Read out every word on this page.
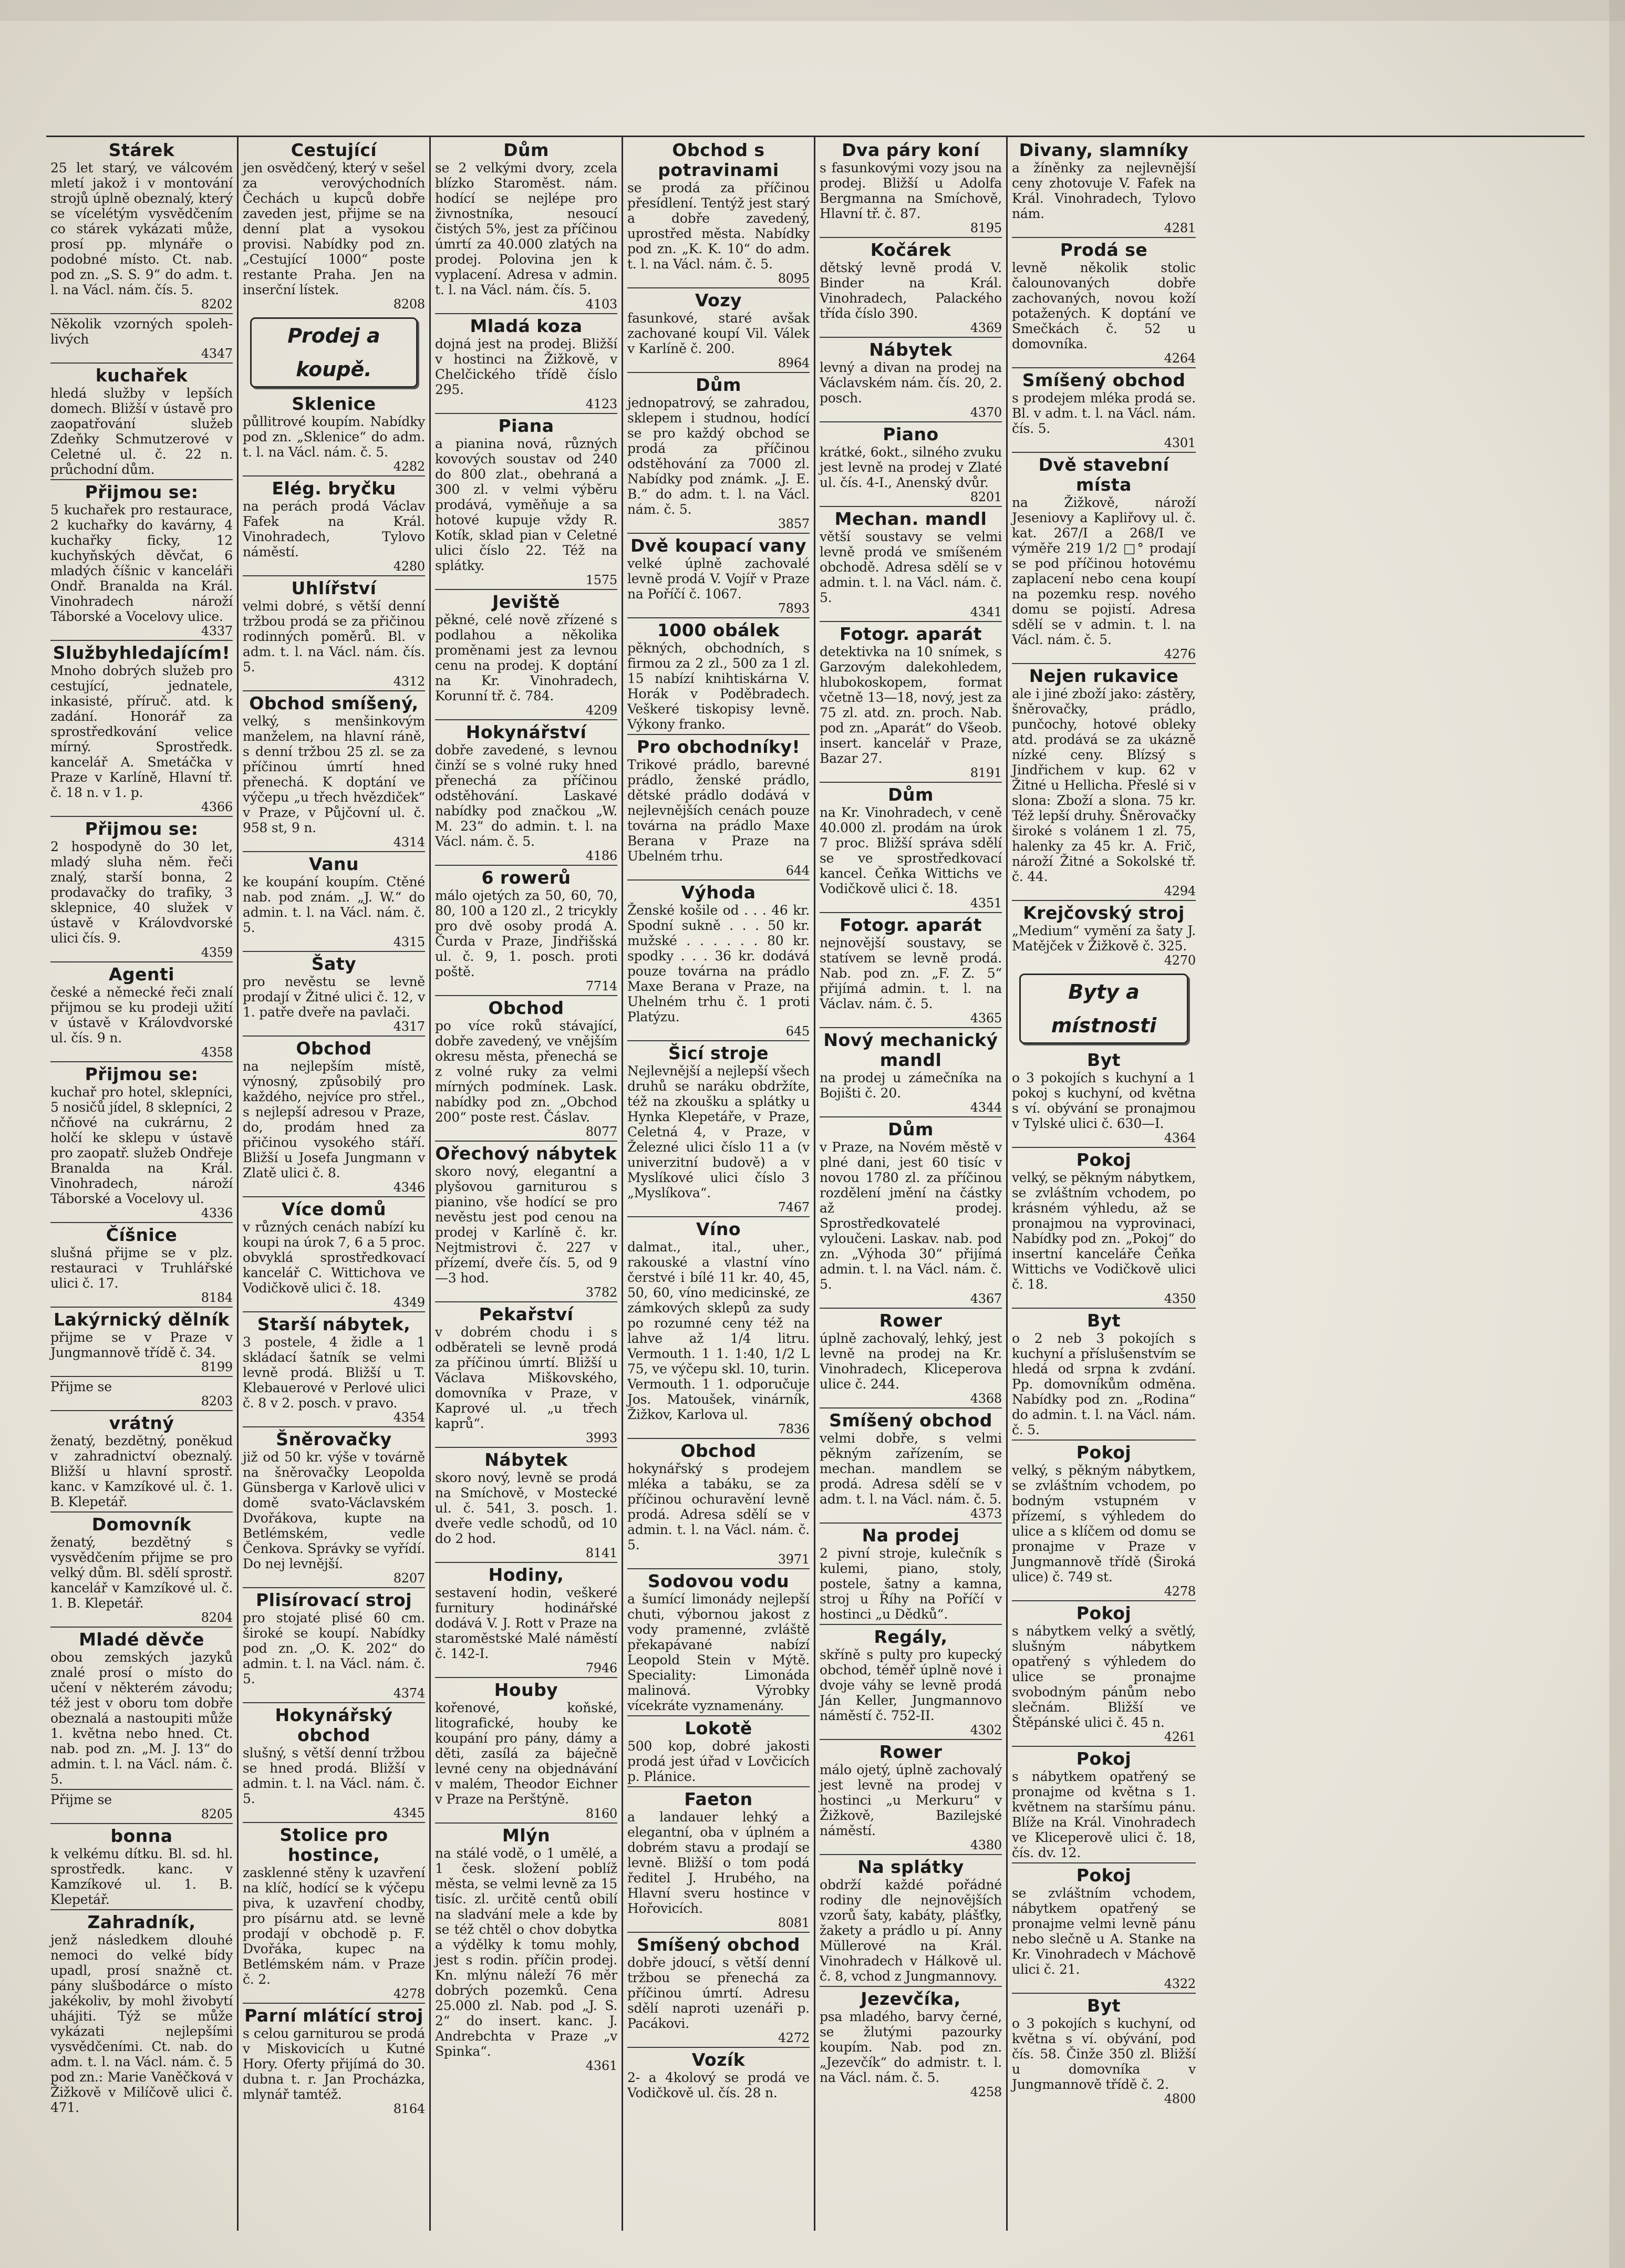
Stárek
25 let starý, ve válcovém mletí jakož i v montování strojů úplně obeznalý, který se vícelétým vysvědčením co stárek vykázati může, prosí pp. mlynáře o podobné místo. Ct. nab. pod zn. „S. S. 9“ do adm. t. l. na Václ. nám. čís. 5.
8202
Několik vzorných spoleh-livých
4347
kuchařek
hledá služby v lepších domech. Bližší v ústavě pro zaopatřování služeb Zdeňky Schmutzerové v Celetné ul. č. 22 n. průchodní dům.
Přijmou se:
5 kuchařek pro restaurace, 2 kuchařky do kavárny, 4 kuchařky ficky, 12 kuchyňských děvčat, 6 mladých číšnic v kanceláři Ondř. Branalda na Král. Vinohradech nároží Táborské a Vocelovy ulice.
4337
Službyhledajícím!
Mnoho dobrých služeb pro cestující, jednatele, inkasisté, příruč. atd. k zadání. Honorář za sprostředkování velice mírný. Sprostředk. kancelář A. Smetáčka v Praze v Karlíně, Hlavní tř. č. 18 n. v 1. p.
4366
Přijmou se:
2 hospodyně do 30 let, mladý sluha něm. řeči znalý, starší bonna, 2 prodavačky do trafiky, 3 sklepnice, 40 služek v ústavě v Královdvorské ulici čís. 9.
4359
Agenti
české a německé řeči znalí přijmou se ku prodeji užití v ústavě v Královdvorské ul. čís. 9 n.
4358
Přijmou se:
kuchař pro hotel, sklepníci, 5 nosičů jídel, 8 sklepníci, 2 nčňové na cukrárnu, 2 holčí ke sklepu v ústavě pro zaopatř. služeb Ondřeje Branalda na Král. Vinohradech, nároží Táborské a Vocelovy ul.
4336
Číšnice
slušná přijme se v plz. restauraci v Truhlářské ulici č. 17.
8184
Lakýrnický dělník
přijme se v Praze v Jungmannově třídě č. 34.
8199
Přijme se
8203
vrátný
ženatý, bezdětný, poněkud v zahradnictví obeznalý. Bližší u hlavní sprostř. kanc. v Kamzíkové ul. č. 1. B. Klepetář.
Domovník
ženatý, bezdětný s vysvědčením přijme se pro velký dům. Bl. sdělí sprostř. kancelář v Kamzíkové ul. č. 1. B. Klepetář.
8204
Mladé děvče
obou zemských jazyků znalé prosí o místo do učení v některém závodu; též jest v oboru tom dobře obeznalá a nastoupiti může 1. května nebo hned. Ct. nab. pod zn. „M. J. 13“ do admin. t. l. na Václ. nám. č. 5.
Přijme se
8205
bonna
k velkému dítku. Bl. sd. hl. sprostředk. kanc. v Kamzíkové ul. 1. B. Klepetář.
Zahradník,
jenž následkem dlouhé nemoci do velké bídy upadl, prosí snažně ct. pány slušbodárce o místo jakékoliv, by mohl živobytí uhájiti. Týž se může vykázati nejlepšími vysvědčeními. Ct. nab. do adm. t. l. na Václ. nám. č. 5 pod zn.: Marie Vaněčková v Žižkově v Milíčově ulici č. 471.
Cestující
jen osvědčený, který v sešel za verovýchodních Čechách u kupců dobře zaveden jest, přijme se na denní plat a vysokou provisi. Nabídky pod zn. „Cestující 1000“ poste restante Praha. Jen na inserční lístek.
8208
Prodej a koupě.
Sklenice
půllitrové koupím. Nabídky pod zn. „Sklenice“ do adm. t. l. na Václ. nám. č. 5.
4282
Elég. bryčku
na perách prodá Václav Fafek na Král. Vinohradech, Tylovo náměstí.
4280
Uhlířství
velmi dobré, s větší denní tržbou prodá se za přičinou rodinných poměrů. Bl. v adm. t. l. na Václ. nám. čís. 5.
4312
Obchod smíšený,
velký, s menšinkovým manželem, na hlavní ráně, s denní tržbou 25 zl. se za příčinou úmrtí hned přenechá. K doptání ve výčepu „u třech hvězdiček“ v Praze, v Půjčovní ul. č. 958 st, 9 n.
4314
Vanu
ke koupání koupím. Ctěné nab. pod znám. „J. W.“ do admin. t. l. na Václ. nám. č. 5.
4315
Šaty
pro nevěstu se levně prodají v Žitné ulici č. 12, v 1. patře dveře na pavlači.
4317
Obchod
na nejlepším místě, výnosný, způsobilý pro každého, nejvíce pro střel., s nejlepší adresou v Praze, do, prodám hned za přičinou vysokého stáří. Bližší u Josefa Jungmann v Zlatě ulici č. 8.
4346
Více domů
v různých cenách nabízí ku koupi na úrok 7, 6 a 5 proc. obvyklá sprostředkovací kancelář C. Wittichova ve Vodičkově ulici č. 18.
4349
Starší nábytek,
3 postele, 4 židle a 1 skládací šatník se velmi levně prodá. Bližší u T. Klebauerové v Perlové ulici č. 8 v 2. posch. v pravo.
4354
Šněrovačky
již od 50 kr. výše v továrně na šněrovačky Leopolda Günsberga v Karlově ulici v domě svato-Václavském Dvořákova, kupte na Betlémském, vedle Čenkova. Správky se vyřídí. Do nej levnější.
8207
Plisírovací stroj
pro stojaté plisé 60 cm. široké se koupí. Nabídky pod zn. „O. K. 202“ do admin. t. l. na Václ. nám. č. 5.
4374
Hokynářský obchod
slušný, s větší denní tržbou se hned prodá. Bližší v admin. t. l. na Václ. nám. č. 5.
4345
Stolice pro hostince,
zasklenné stěny k uzavření na klíč, hodící se k výčepu piva, k uzavření chodby, pro písárnu atd. se levně prodají v obchodě p. F. Dvořáka, kupec na Betlémském nám. v Praze č. 2.
4278
Parní mlátící stroj
s celou garniturou se prodá v Miskovicích u Kutné Hory. Oferty přijímá do 30. dubna t. r. Jan Procházka, mlynář tamtéž.
8164
Dům
se 2 velkými dvory, zcela blízko Staroměst. nám. hodící se nejlépe pro živnostníka, nesoucí čistých 5%, jest za příčinou úmrtí za 40.000 zlatých na prodej. Polovina jen k vyplacení. Adresa v admin. t. l. na Václ. nám. čís. 5.
4103
Mladá koza
dojná jest na prodej. Bližší v hostinci na Žižkově, v Chelčického třídě číslo 295.
4123
Piana
a pianina nová, různých kovových soustav od 240 do 800 zlat., obehraná a 300 zl. v velmi výběru prodává, vyměňuje a sa hotové kupuje vždy R. Kotík, sklad pian v Celetné ulici číslo 22. Též na splátky.
1575
Jeviště
pěkné, celé nově zřízené s podlahou a několika proměnami jest za levnou cenu na prodej. K doptání na Kr. Vinohradech, Korunní tř. č. 784.
4209
Hokynářství
dobře zavedené, s levnou činží se s volné ruky hned přenechá za příčinou odstěhování. Laskavé nabídky pod značkou „W. M. 23“ do admin. t. l. na Václ. nám. č. 5.
4186
6 rowerů
málo ojetých za 50, 60, 70, 80, 100 a 120 zl., 2 tricykly pro dvě osoby prodá A. Čurda v Praze, Jindřišská ul. č. 9, 1. posch. proti poště.
7714
Obchod
po více roků stávající, dobře zavedený, ve vnějším okresu města, přenechá se z volné ruky za velmi mírných podmínek. Lask. nabídky pod zn. „Obchod 200“ poste rest. Čáslav.
8077
Ořechový nábytek
skoro nový, elegantní a plyšovou garniturou s pianino, vše hodící se pro nevěstu jest pod cenou na prodej v Karlíně č. kr. Nejtmistrovi č. 227 v přízemí, dveře čís. 5, od 9—3 hod.
3782
Pekařství
v dobrém chodu i s odběrateli se levně prodá za příčinou úmrtí. Bližší u Václava Miškovského, domovníka v Praze, v Kaprové ul. „u třech kaprů“.
3993
Nábytek
skoro nový, levně se prodá na Smíchově, v Mostecké ul. č. 541, 3. posch. 1. dveře vedle schodů, od 10 do 2 hod.
8141
Hodiny,
sestavení hodin, veškeré furnitury hodinářské dodává V. J. Rott v Praze na staroměstské Malé náměstí č. 142-I.
7946
Houby
kořenové, koňské, litografické, houby ke koupání pro pány, dámy a děti, zasílá za báječně levné ceny na objednávání v malém, Theodor Eichner v Praze na Perštýně.
8160
Mlýn
na stálé vodě, o 1 umělé, a 1 česk. složení poblíž města, se velmi levně za 15 tisíc. zl. určitě centů obilí na sladvání mele a kde by se též chtěl o chov dobytka a výdělky k tomu mohly, jest s rodin. příčin prodej. Kn. mlýnu náleží 76 měr dobrých pozemků. Cena 25.000 zl. Nab. pod „J. S. 2“ do insert. kanc. J. Andrebchta v Praze „v Spinka“.
4361
Obchod s potravinami
se prodá za příčinou přesídlení. Tentýž jest starý a dobře zavedený, uprostřed města. Nabídky pod zn. „K. K. 10“ do adm. t. l. na Václ. nám. č. 5.
8095
Vozy
fasunkové, staré avšak zachované koupí Vil. Válek v Karlíně č. 200.
8964
Dům
jednopatrový, se zahradou, sklepem i studnou, hodící se pro každý obchod se prodá za příčinou odstěhování za 7000 zl. Nabídky pod známk. „J. E. B.“ do adm. t. l. na Václ. nám. č. 5.
3857
Dvě koupací vany
velké úplně zachovalé levně prodá V. Vojíř v Praze na Poříčí č. 1067.
7893
1000 obálek
pěkných, obchodních, s firmou za 2 zl., 500 za 1 zl. 15 nabízí knihtiskárna V. Horák v Poděbradech. Veškeré tiskopisy levně. Výkony franko.
Pro obchodníky!
Trikové prádlo, barevné prádlo, ženské prádlo, dětské prádlo dodává v nejlevnějších cenách pouze továrna na prádlo Maxe Berana v Praze na Ubelném trhu.
644
Výhoda
Ženské košile od . . . 46 kr. Spodní sukně . . . 50 kr. mužské . . . . . . 80 kr. spodky . . . 36 kr. dodává pouze továrna na prádlo Maxe Berana v Praze, na Uhelném trhu č. 1 proti Platýzu.
645
Šicí stroje
Nejlevnější a nejlepší všech druhů se naráku obdržíte, též na zkoušku a splátky u Hynka Klepetáře, v Praze, Celetná 4, v Praze, v Železné ulici číslo 11 a (v univerzitní budově) a v Myslíkové ulici číslo 3 „Myslíkova“.
7467
Víno
dalmat., ital., uher., rakouské a vlastní víno čerstvé i bílé 11 kr. 40, 45, 50, 60, víno medicinské, ze zámkových sklepů za sudy po rozumné ceny též na lahve až 1/4 litru. Vermouth. 1 1. 1:40, 1/2 L 75, ve výčepu skl. 10, turin. Vermouth. 1 1. odporučuje Jos. Matoušek, vinárník, Žižkov, Karlova ul.
7836
Obchod
hokynářský s prodejem mléka a tabáku, se za příčinou ochuravění levně prodá. Adresa sdělí se v admin. t. l. na Václ. nám. č. 5.
3971
Sodovou vodu
a šumící limonády nejlepší chuti, výbornou jakost z vody pramenné, zvláště překapávané nabízí Leopold Stein v Mýtě. Speciality: Limonáda malinová. Výrobky vícekráte vyznamenány.
Lokotě
500 kop, dobré jakosti prodá jest úřad v Lovčicích p. Plánice.
Faeton
a landauer lehký a elegantní, oba v úplném a dobrém stavu a prodají se levně. Bližší o tom podá ředitel J. Hrubého, na Hlavní sveru hostince v Hořovicích.
8081
Smíšený obchod
dobře jdoucí, s větší denní tržbou se přenechá za příčinou úmrtí. Adresu sdělí naproti uzenáři p. Pacákovi.
4272
Vozík
2- a 4kolový se prodá ve Vodičkově ul. čís. 28 n.
Dva páry koní
s fasunkovými vozy jsou na prodej. Bližší u Adolfa Bergmanna na Smíchově, Hlavní tř. č. 87.
8195
Kočárek
dětský levně prodá V. Binder na Král. Vinohradech, Palackého třída číslo 390.
4369
Nábytek
levný a divan na prodej na Václavském nám. čís. 20, 2. posch.
4370
Piano
krátké, 6okt., silného zvuku jest levně na prodej v Zlaté ul. čís. 4-I., Anenský dvůr.
8201
Mechan. mandl
větší soustavy se velmi levně prodá ve smíšeném obchodě. Adresa sdělí se v admin. t. l. na Václ. nám. č. 5.
4341
Fotogr. aparát
detektivka na 10 snímek, s Garzovým dalekohledem, hlubokoskopem, format včetně 13—18, nový, jest za 75 zl. atd. zn. proch. Nab. pod zn. „Aparát“ do Všeob. insert. kancelář v Praze, Bazar 27.
8191
Dům
na Kr. Vinohradech, v ceně 40.000 zl. prodám na úrok 7 proc. Bližší správa sdělí se ve sprostředkovací kancel. Čeňka Wittichs ve Vodičkově ulici č. 18.
4351
Fotogr. aparát
nejnovější soustavy, se statívem se levně prodá. Nab. pod zn. „F. Z. 5“ přijímá admin. t. l. na Václav. nám. č. 5.
4365
Nový mechanický mandl
na prodej u zámečníka na Bojišti č. 20.
4344
Dům
v Praze, na Novém městě v plné dani, jest 60 tisíc v novou 1780 zl. za příčinou rozdělení jmění na částky až prodej. Sprostředkovatelé vyloučeni. Laskav. nab. pod zn. „Výhoda 30“ přijímá admin. t. l. na Václ. nám. č. 5.
4367
Rower
úplně zachovalý, lehký, jest levně na prodej na Kr. Vinohradech, Kliceperova ulice č. 244.
4368
Smíšený obchod
velmi dobře, s velmi pěkným zařízením, se mechan. mandlem se prodá. Adresa sdělí se v adm. t. l. na Václ. nám. č. 5.
4373
Na prodej
2 pivní stroje, kulečník s kulemi, piano, stoly, postele, šatny a kamna, stroj u Říhy na Poříčí v hostinci „u Dědků“.
Regály,
skříně s pulty pro kupecký obchod, téměř úplně nové i dvoje váhy se levně prodá Ján Keller, Jungmannovo náměstí č. 752-II.
4302
Rower
málo ojetý, úplně zachovalý jest levně na prodej v hostinci „u Merkuru“ v Žižkově, Bazilejské náměstí.
4380
Na splátky
obdrží každé pořádné rodiny dle nejnovějších vzorů šaty, kabáty, plášťky, žakety a prádlo u pí. Anny Müllerové na Král. Vinohradech v Hálkově ul. č. 8, vchod z Jungmannovy.
Jezevčíka,
psa mladého, barvy černé, se žlutými pazourky koupím. Nab. pod zn. „Jezevčík“ do admistr. t. l. na Václ. nám. č. 5.
4258
Divany, slamníky
a žíněnky za nejlevnější ceny zhotovuje V. Fafek na Král. Vinohradech, Tylovo nám.
4281
Prodá se
levně několik stolic čalounovaných dobře zachovaných, novou koží potažených. K doptání ve Smečkách č. 52 u domovníka.
4264
Smíšený obchod
s prodejem mléka prodá se. Bl. v adm. t. l. na Václ. nám. čís. 5.
4301
Dvě stavební místa
na Žižkově, nároží Jeseniovy a Kapliřovy ul. č. kat. 267/I a 268/I ve výměře 219 1/2 □° prodají se pod příčinou hotovému zaplacení nebo cena koupí na pozemku resp. nového domu se pojistí. Adresa sdělí se v admin. t. l. na Václ. nám. č. 5.
4276
Nejen rukavice
ale i jiné zboží jako: zástěry, šněrovačky, prádlo, punčochy, hotové obleky atd. prodává se za ukázně nízké ceny. Blízsý s Jindřichem v kup. 62 v Žitné u Hellicha. Přeslé si v slona: Zboží a slona. 75 kr. Též lepší druhy. Šněrovačky široké s volánem 1 zl. 75, halenky za 45 kr. A. Frič, nároží Žitné a Sokolské tř. č. 44.
4294
Krejčovský stroj
„Medium“ vymění za šaty J. Matějček v Žižkově č. 325.
4270
Byty a místnosti
Byt
o 3 pokojích s kuchyní a 1 pokoj s kuchyní, od května s ví. obývání se pronajmou v Tylské ulici č. 630—I.
4364
Pokoj
velký, se pěkným nábytkem, se zvláštním vchodem, po krásném výhledu, až se pronajmou na vyprovinaci, Nabídky pod zn. „Pokoj“ do insertní kanceláře Čeňka Wittichs ve Vodičkově ulici č. 18.
4350
Byt
o 2 neb 3 pokojích s kuchyní a příslušenstvím se hledá od srpna k zvdání. Pp. domovníkům odměna. Nabídky pod zn. „Rodina“ do admin. t. l. na Václ. nám. č. 5.
Pokoj
velký, s pěkným nábytkem, se zvláštním vchodem, po bodným vstupném v přízemí, s výhledem do ulice a s klíčem od domu se pronajme v Praze v Jungmannově třídě (Široká ulice) č. 749 st.
4278
Pokoj
s nábytkem velký a světlý, slušným nábytkem opatřený s výhledem do ulice se pronajme svobodným pánům nebo slečnám. Bližší ve Štěpánské ulici č. 45 n.
4261
Pokoj
s nábytkem opatřený se pronajme od května s 1. květnem na staršímu pánu. Blíže na Král. Vinohradech ve Kliceperově ulici č. 18, čís. dv. 12.
Pokoj
se zvláštním vchodem, nábytkem opatřený se pronajme velmi levně pánu nebo slečně u A. Stanke na Kr. Vinohradech v Máchově ulici č. 21.
4322
Byt
o 3 pokojích s kuchyní, od května s ví. obývání, pod čís. 58. Činže 350 zl. Bližší u domovníka v Jungmannově třídě č. 2.
4800
